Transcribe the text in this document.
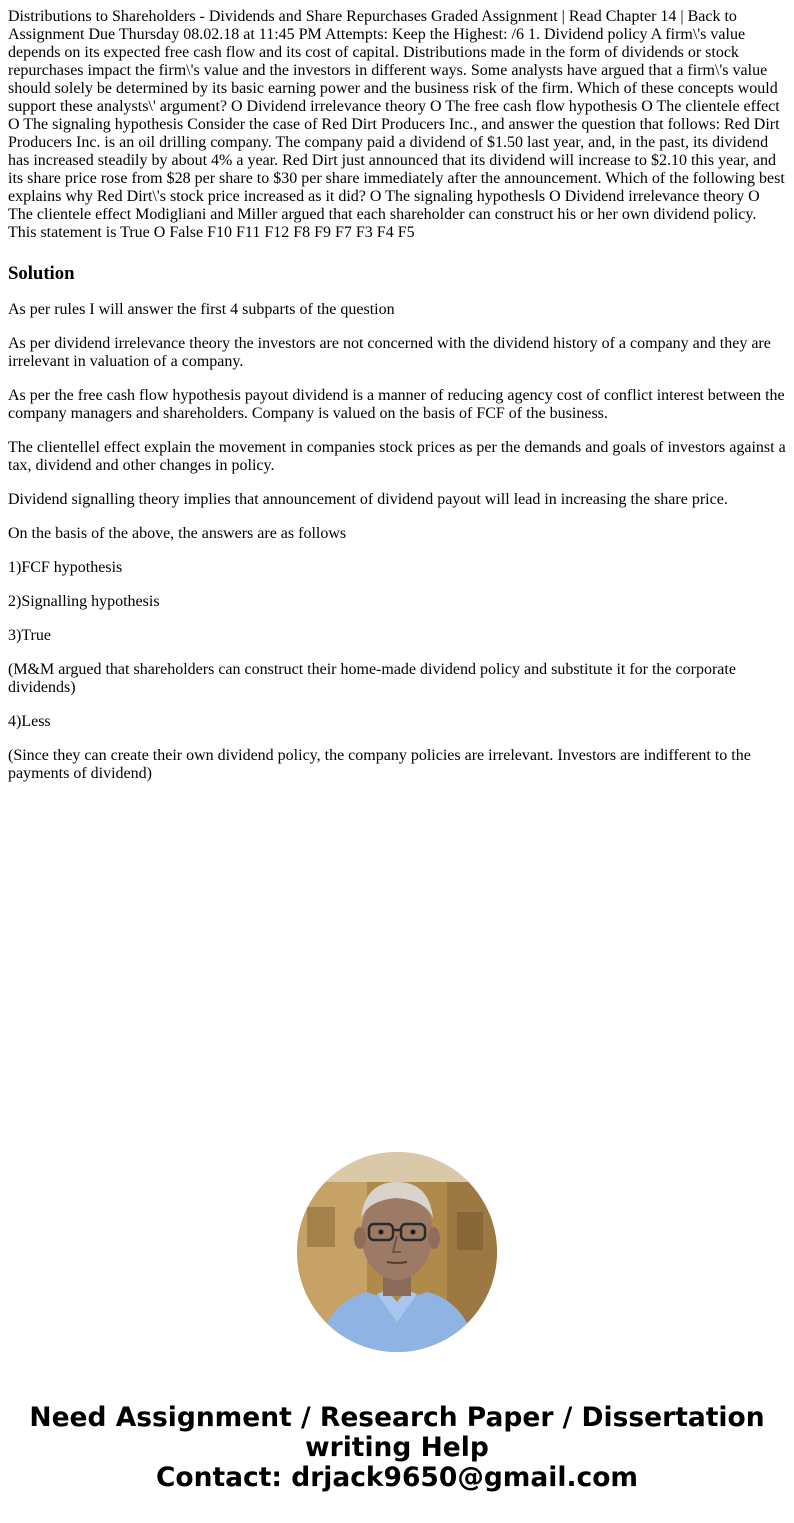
Distributions to Shareholders - Dividends and Share Repurchases Graded Assignment | Read Chapter 14 | Back to Assignment Due Thursday 08.02.18 at 11:45 PM Attempts: Keep the Highest: /6 1. Dividend policy A firm\'s value depends on its expected free cash flow and its cost of capital. Distributions made in the form of dividends or stock repurchases impact the firm\'s value and the investors in different ways. Some analysts have argued that a firm\'s value should solely be determined by its basic earning power and the business risk of the firm. Which of these concepts would support these analysts\' argument? O Dividend irrelevance theory O The free cash flow hypothesis O The clientele effect O The signaling hypothesis Consider the case of Red Dirt Producers Inc., and answer the question that follows: Red Dirt Producers Inc. is an oil drilling company. The company paid a dividend of $1.50 last year, and, in the past, its dividend has increased steadily by about 4% a year. Red Dirt just announced that its dividend will increase to $2.10 this year, and its share price rose from $28 per share to $30 per share immediately after the announcement. Which of the following best explains why Red Dirt\'s stock price increased as it did? O The signaling hypothesls O Dividend irrelevance theory O The clientele effect Modigliani and Miller argued that each shareholder can construct his or her own dividend policy. This statement is True O False F10 F11 F12 F8 F9 F7 F3 F4 F5
Solution

As per rules I will answer the first 4 subparts of the question

As per dividend irrelevance theory the investors are not concerned with the dividend history of a company and they are irrelevant in valuation of a company.

As per the free cash flow hypothesis payout dividend is a manner of reducing agency cost of conflict interest between the company managers and shareholders. Company is valued on the basis of FCF of the business.

The clientellel effect explain the movement in companies stock prices as per the demands and goals of investors against a tax, dividend and other changes in policy.

Dividend signalling theory implies that announcement of dividend payout will lead in increasing the share price.

On the basis of the above, the answers are as follows

1)FCF hypothesis

2)Signalling hypothesis

3)True

(M&M argued that shareholders can construct their home-made dividend policy and substitute it for the corporate dividends)

4)Less

(Since they can create their own dividend policy, the company policies are irrelevant. Investors are indifferent to the payments of dividend)

Need Assignment / Research Paper / Dissertation
writing Help
Contact: drjack9650@gmail.com
